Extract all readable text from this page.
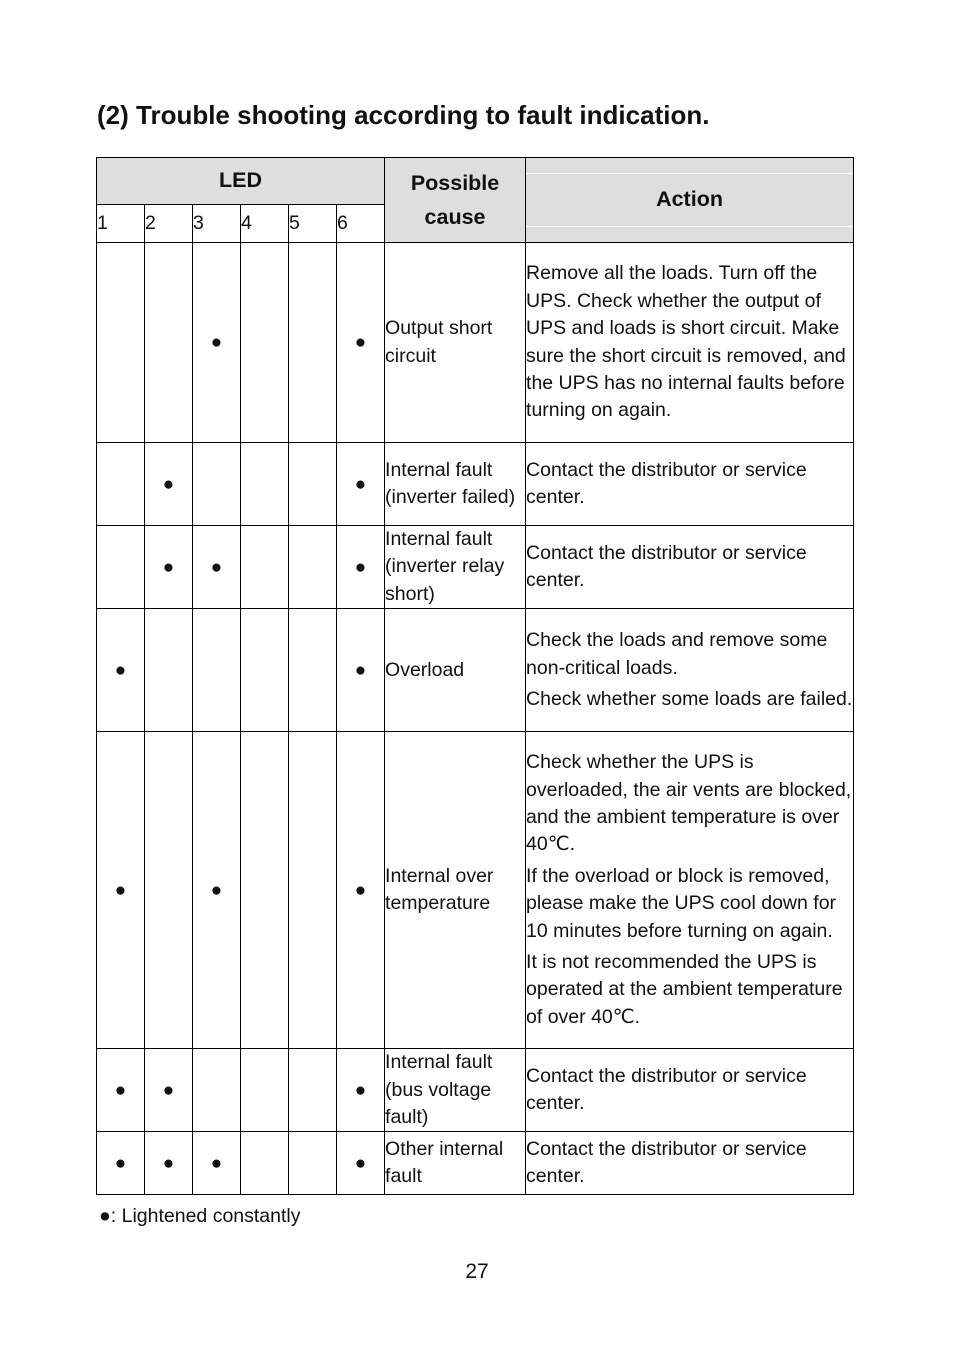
(2) Trouble shooting according to fault indication.
LED						Possible cause	Action

1	2	3	4	5	6		
		●			●	Output short circuit	Remove all the loads. Turn off the UPS. Check whether the output of UPS and loads is short circuit. Make sure the short circuit is removed, and the UPS has no internal faults before turning on again.

	●				●	Internal fault (inverter failed)	Contact the distributor or service center.

	●	●			●	Internal fault (inverter relay short)	Contact the distributor or service center.

●					●	Overload	Check the loads and remove some non-critical loads.

Check whether some loads are failed.

●		●			●	Internal over temperature	Check whether the UPS is overloaded, the air vents are blocked, and the ambient temperature is over 40℃.

If the overload or block is removed, please make the UPS cool down for 10 minutes before turning on again.

It is not recommended the UPS is operated at the ambient temperature of over 40℃.

●	●				●	Internal fault (bus voltage fault)	Contact the distributor or service center.

●	●	●			●	Other internal fault	Contact the distributor or service center.

●: Lightened constantly
27
